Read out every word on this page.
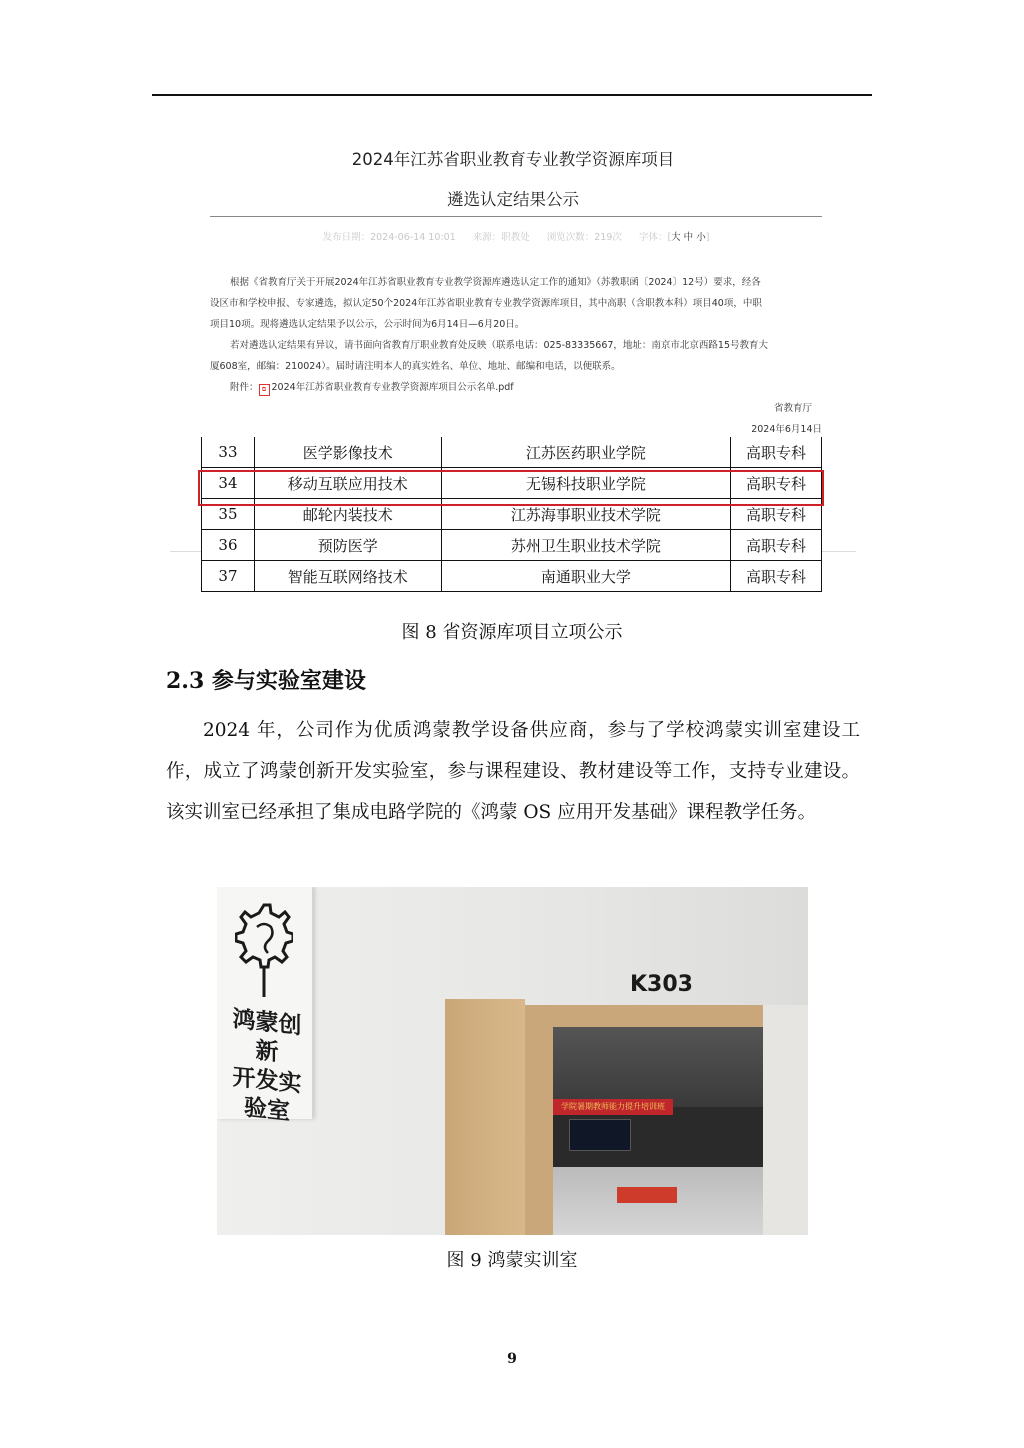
2024年江苏省职业教育专业教学资源库项目
遴选认定结果公示
发布日期：2024-06-14 10:01 来源：职教处 浏览次数：219次 字体：[大 中 小]
根据《省教育厅关于开展2024年江苏省职业教育专业教学资源库遴选认定工作的通知》（苏教职函〔2024〕12号）要求，经各
设区市和学校申报、专家遴选，拟认定50个2024年江苏省职业教育专业教学资源库项目，其中高职（含职教本科）项目40项，中职
项目10项。现将遴选认定结果予以公示，公示时间为6月14日—6月20日。
若对遴选认定结果有异议，请书面向省教育厅职业教育处反映（联系电话：025-83335667，地址：南京市北京西路15号教育大
厦608室，邮编：210024）。届时请注明本人的真实姓名、单位、地址、邮编和电话，以便联系。
附件： ⧉ 2024年江苏省职业教育专业教学资源库项目公示名单.pdf
省教育厅
2024年6月14日
33	医学影像技术	江苏医药职业学院	高职专科
34	移动互联应用技术	无锡科技职业学院	高职专科
35	邮轮内装技术	江苏海事职业技术学院	高职专科
36	预防医学	苏州卫生职业技术学院	高职专科
37	智能互联网络技术	南通职业大学	高职专科
图 8 省资源库项目立项公示
2.3 参与实验室建设

2024 年，公司作为优质鸿蒙教学设备供应商，参与了学校鸿蒙实训室建设工作，成立了鸿蒙创新开发实验室，参与课程建设、教材建设等工作，支持专业建设。该实训室已经承担了集成电路学院的《鸿蒙 OS 应用开发基础》课程教学任务。

鸿蒙创新
开发实验室
K303
学院暑期教师能力提升培训班
图 9 鸿蒙实训室
9
